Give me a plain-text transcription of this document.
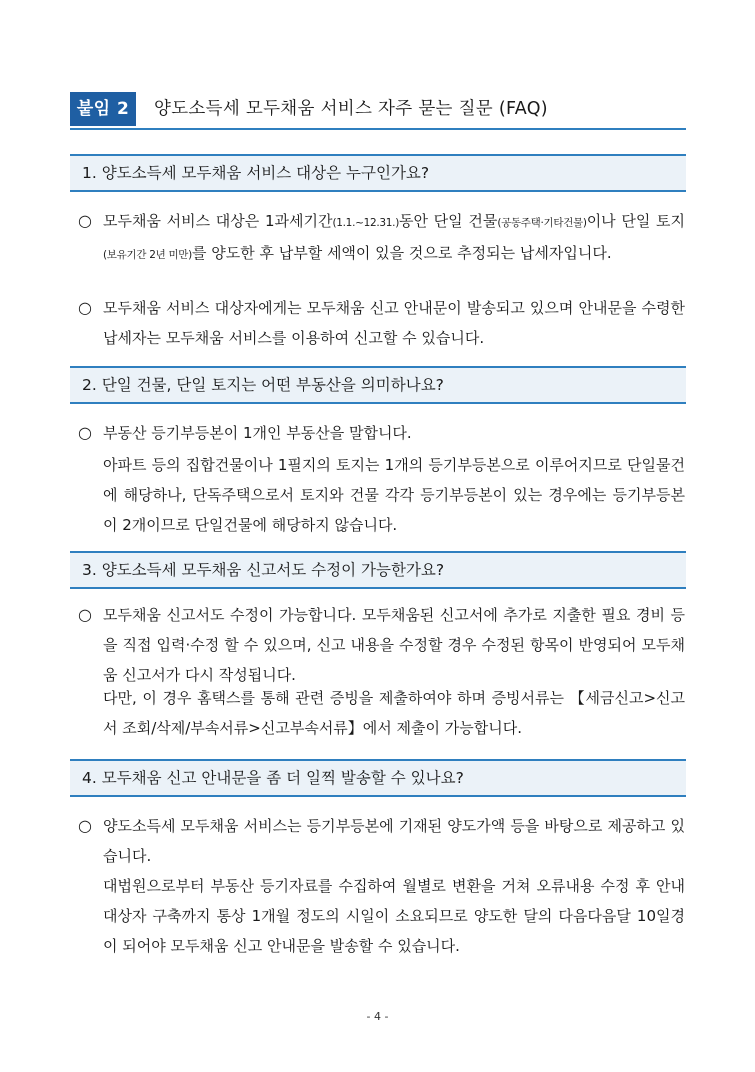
붙임 2	양도소득세 모두채움 서비스 자주 묻는 질문 (FAQ)
1. 양도소득세 모두채움 서비스 대상은 누구인가요?
○ 모두채움 서비스 대상은 1과세기간(1.1.~12.31.)동안 단일 건물(공동주택·기타건물)이나 단일 토지(보유기간 2년 미만)를 양도한 후 납부할 세액이 있을 것으로 추정되는 납세자입니다.

○ 모두채움 서비스 대상자에게는 모두채움 신고 안내문이 발송되고 있으며 안내문을 수령한 납세자는 모두채움 서비스를 이용하여 신고할 수 있습니다.

2. 단일 건물, 단일 토지는 어떤 부동산을 의미하나요?
○ 부동산 등기부등본이 1개인 부동산을 말합니다.

아파트 등의 집합건물이나 1필지의 토지는 1개의 등기부등본으로 이루어지므로 단일물건에 해당하나, 단독주택으로서 토지와 건물 각각 등기부등본이 있는 경우에는 등기부등본이 2개이므로 단일건물에 해당하지 않습니다.

3. 양도소득세 모두채움 신고서도 수정이 가능한가요?
○ 모두채움 신고서도 수정이 가능합니다. 모두채움된 신고서에 추가로 지출한 필요 경비 등을 직접 입력·수정 할 수 있으며, 신고 내용을 수정할 경우 수정된 항목이 반영되어 모두채움 신고서가 다시 작성됩니다.

다만, 이 경우 홈택스를 통해 관련 증빙을 제출하여야 하며 증빙서류는 【세금신고>신고서 조회/삭제/부속서류>신고부속서류】에서 제출이 가능합니다.

4. 모두채움 신고 안내문을 좀 더 일찍 발송할 수 있나요?
○ 양도소득세 모두채움 서비스는 등기부등본에 기재된 양도가액 등을 바탕으로 제공하고 있습니다.

대법원으로부터 부동산 등기자료를 수집하여 월별로 변환을 거쳐 오류내용 수정 후 안내 대상자 구축까지 통상 1개월 정도의 시일이 소요되므로 양도한 달의 다음다음달 10일경이 되어야 모두채움 신고 안내문을 발송할 수 있습니다.

- 4 -
